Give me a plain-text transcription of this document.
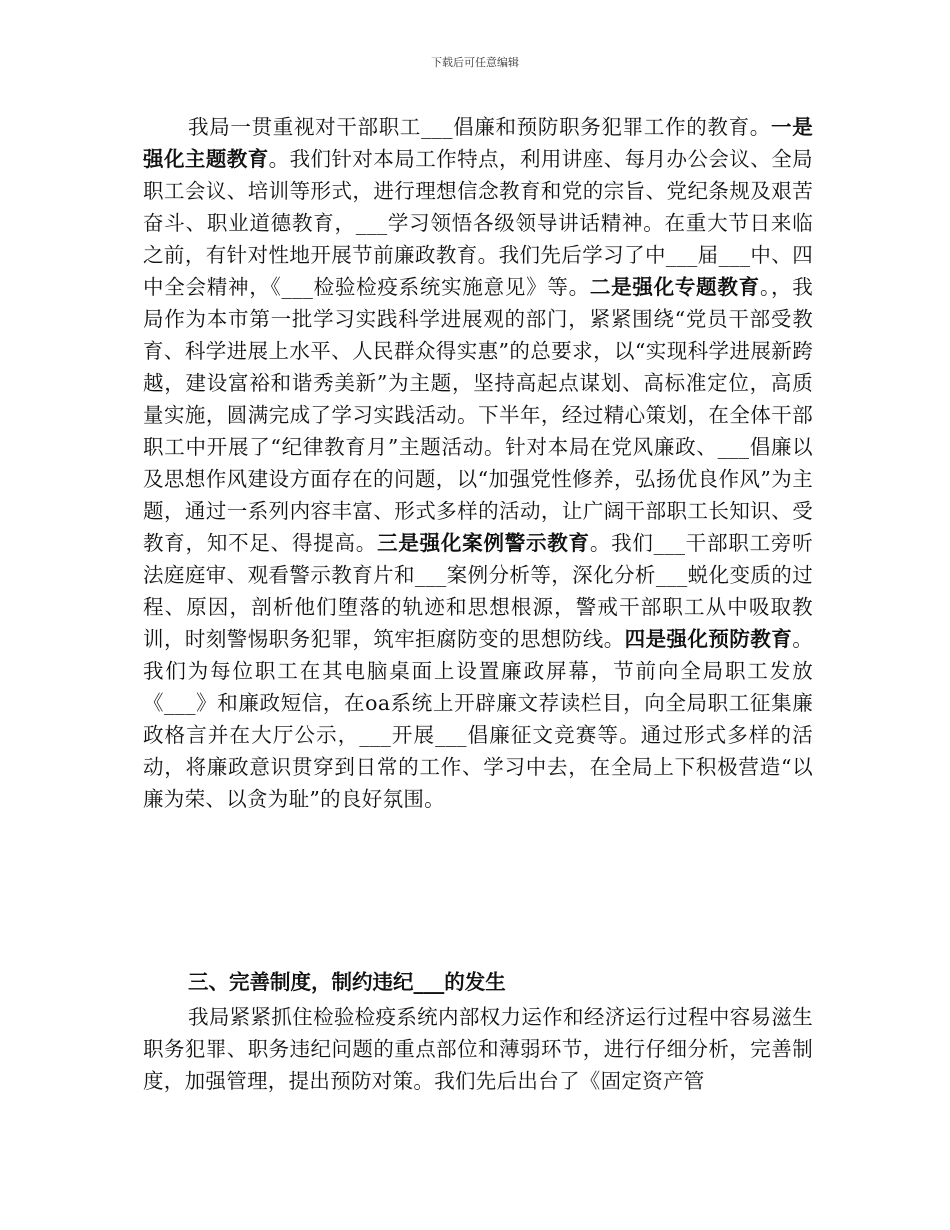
下载后可任意编辑

我局一贯重视对干部职工___倡廉和预防职务犯罪工作的教育。一是强化主题教育。我们针对本局工作特点，利用讲座、每月办公会议、全局职工会议、培训等形式，进行理想信念教育和党的宗旨、党纪条规及艰苦奋斗、职业道德教育，___学习领悟各级领导讲话精神。在重大节日来临之前，有针对性地开展节前廉政教育。我们先后学习了中___届___中、四中全会精神，《___检验检疫系统实施意见》等。二是强化专题教育。，我局作为本市第一批学习实践科学进展观的部门，紧紧围绕“党员干部受教育、科学进展上水平、人民群众得实惠”的总要求，以“实现科学进展新跨越，建设富裕和谐秀美新”为主题，坚持高起点谋划、高标准定位，高质量实施，圆满完成了学习实践活动。下半年，经过精心策划，在全体干部职工中开展了“纪律教育月”主题活动。针对本局在党风廉政、___倡廉以及思想作风建设方面存在的问题，以“加强党性修养，弘扬优良作风”为主题，通过一系列内容丰富、形式多样的活动，让广阔干部职工长知识、受教育，知不足、得提高。三是强化案例警示教育。我们___干部职工旁听法庭庭审、观看警示教育片和___案例分析等，深化分析___蜕化变质的过程、原因，剖析他们堕落的轨迹和思想根源，警戒干部职工从中吸取教训，时刻警惕职务犯罪，筑牢拒腐防变的思想防线。四是强化预防教育。我们为每位职工在其电脑桌面上设置廉政屏幕，节前向全局职工发放《___》和廉政短信，在oa系统上开辟廉文荐读栏目，向全局职工征集廉政格言并在大厅公示，___开展___倡廉征文竞赛等。通过形式多样的活动，将廉政意识贯穿到日常的工作、学习中去，在全局上下积极营造“以廉为荣、以贪为耻”的良好氛围。

三、完善制度，制约违纪___的发生

我局紧紧抓住检验检疫系统内部权力运作和经济运行过程中容易滋生职务犯罪、职务违纪问题的重点部位和薄弱环节，进行仔细分析，完善制度，加强管理，提出预防对策。我们先后出台了《固定资产管
